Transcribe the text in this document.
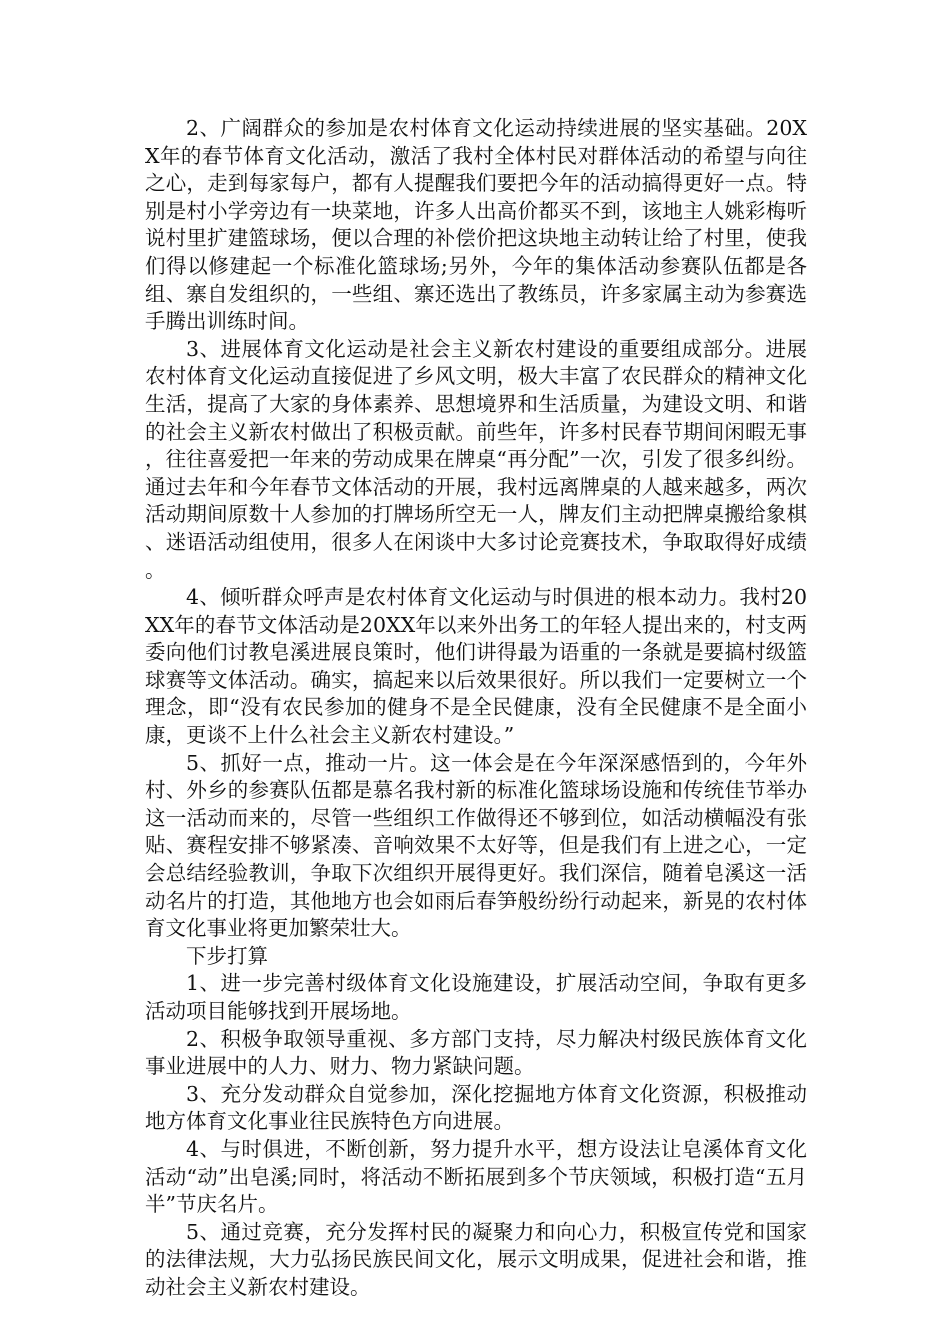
2、广阔群众的参加是农村体育文化运动持续进展的坚实基础。20XX年的春节体育文化活动，激活了我村全体村民对群体活动的希望与向往之心，走到每家每户，都有人提醒我们要把今年的活动搞得更好一点。特别是村小学旁边有一块菜地，许多人出高价都买不到，该地主人姚彩梅听说村里扩建篮球场，便以合理的补偿价把这块地主动转让给了村里，使我们得以修建起一个标准化篮球场;另外，今年的集体活动参赛队伍都是各组、寨自发组织的，一些组、寨还选出了教练员，许多家属主动为参赛选手腾出训练时间。

3、进展体育文化运动是社会主义新农村建设的重要组成部分。进展农村体育文化运动直接促进了乡风文明，极大丰富了农民群众的精神文化生活，提高了大家的身体素养、思想境界和生活质量，为建设文明、和谐的社会主义新农村做出了积极贡献。前些年，许多村民春节期间闲暇无事，往往喜爱把一年来的劳动成果在牌桌“再分配”一次，引发了很多纠纷。通过去年和今年春节文体活动的开展，我村远离牌桌的人越来越多，两次活动期间原数十人参加的打牌场所空无一人，牌友们主动把牌桌搬给象棋、迷语活动组使用，很多人在闲谈中大多讨论竞赛技术，争取取得好成绩。

4、倾听群众呼声是农村体育文化运动与时俱进的根本动力。我村20XX年的春节文体活动是20XX年以来外出务工的年轻人提出来的，村支两委向他们讨教皂溪进展良策时，他们讲得最为语重的一条就是要搞村级篮球赛等文体活动。确实，搞起来以后效果很好。所以我们一定要树立一个理念，即“没有农民参加的健身不是全民健康，没有全民健康不是全面小康，更谈不上什么社会主义新农村建设。”

5、抓好一点，推动一片。这一体会是在今年深深感悟到的，今年外村、外乡的参赛队伍都是慕名我村新的标准化篮球场设施和传统佳节举办这一活动而来的，尽管一些组织工作做得还不够到位，如活动横幅没有张贴、赛程安排不够紧凑、音响效果不太好等，但是我们有上进之心，一定会总结经验教训，争取下次组织开展得更好。我们深信，随着皂溪这一活动名片的打造，其他地方也会如雨后春笋般纷纷行动起来，新晃的农村体育文化事业将更加繁荣壮大。

下步打算

1、进一步完善村级体育文化设施建设，扩展活动空间，争取有更多活动项目能够找到开展场地。

2、积极争取领导重视、多方部门支持，尽力解决村级民族体育文化事业进展中的人力、财力、物力紧缺问题。

3、充分发动群众自觉参加，深化挖掘地方体育文化资源，积极推动地方体育文化事业往民族特色方向进展。

4、与时俱进，不断创新，努力提升水平，想方设法让皂溪体育文化活动“动”出皂溪;同时，将活动不断拓展到多个节庆领域，积极打造“五月半”节庆名片。

5、通过竞赛，充分发挥村民的凝聚力和向心力，积极宣传党和国家的法律法规，大力弘扬民族民间文化，展示文明成果，促进社会和谐，推动社会主义新农村建设。
